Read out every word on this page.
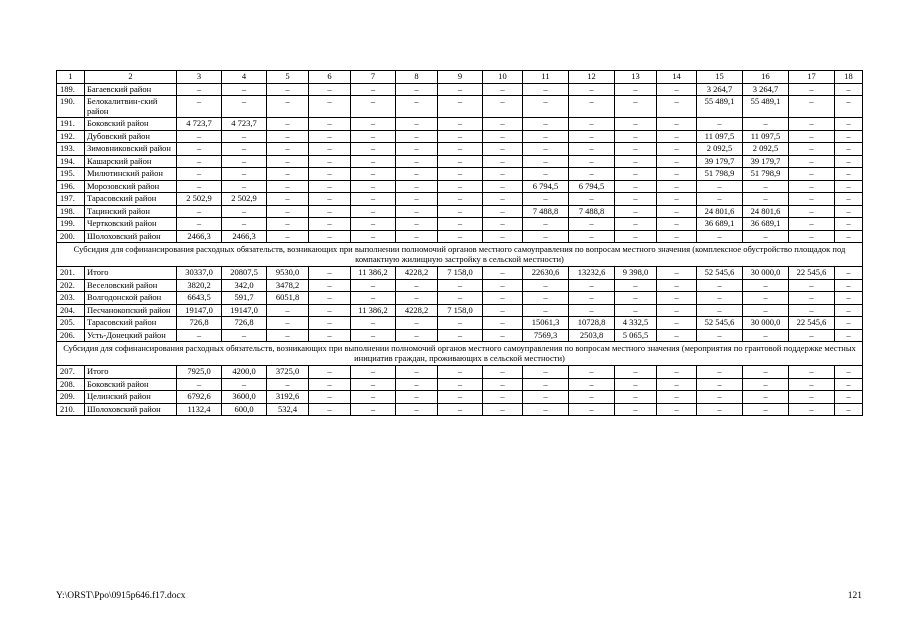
1	2	3	4	5	6	7	8	9	10	11	12	13	14	15	16	17	18
189.	Багаевский район	–	–	–	–	–	–	–	–	–	–	–	–	3 264,7	3 264,7	–	–
190.	Белокалитвин-ский район	–	–	–	–	–	–	–	–	–	–	–	–	55 489,1	55 489,1	–	–
191.	Боковский район	4 723,7	4 723,7	–	–	–	–	–	–	–	–	–	–	–	–	–	–
192.	Дубовский район	–	–	–	–	–	–	–	–	–	–	–	–	11 097,5	11 097,5	–	–
193.	Зимовниковский район	–	–	–	–	–	–	–	–	–	–	–	–	2 092,5	2 092,5	–	–
194.	Кашарский район	–	–	–	–	–	–	–	–	–	–	–	–	39 179,7	39 179,7	–	–
195.	Милютинский район	–	–	–	–	–	–	–	–	–	–	–	–	51 798,9	51 798,9	–	–
196.	Морозовский район	–	–	–	–	–	–	–	–	6 794,5	6 794,5	–	–	–	–	–	–
197.	Тарасовский район	2 502,9	2 502,9	–	–	–	–	–	–	–	–	–	–	–	–	–	–
198.	Тацинский район	–	–	–	–	–	–	–	–	7 488,8	7 488,8	–	–	24 801,6	24 801,6	–	–
199.	Чертковский район	–	–	–	–	–	–	–	–	–	–	–	–	36 689,1	36 689,1	–	–
200.	Шолоховский район	2466,3	2466,3	–	–	–	–	–	–	–	–	–	–	–	–	–	–
Субсидия для софинансирования расходных обязательств, возникающих при выполнении полномочий органов местного самоуправления по вопросам местного значения (комплексное обустройство площадок под компактную жилищную застройку в сельской местности)																	
201.	Итого	30337,0	20807,5	9530,0	–	11 386,2	4228,2	7 158,0	–	22630,6	13232,6	9 398,0	–	52 545,6	30 000,0	22 545,6	–
202.	Веселовский район	3820,2	342,0	3478,2	–	–	–	–	–	–	–	–	–	–	–	–	–
203.	Волгодонской район	6643,5	591,7	6051,8	–	–	–	–	–	–	–	–	–	–	–	–	–
204.	Песчанокопский район	19147,0	19147,0	–	–	11 386,2	4228,2	7 158,0	–	–	–	–	–	–	–	–	–
205.	Тарасовский район	726,8	726,8	–	–	–	–	–	–	15061,3	10728,8	4 332,5	–	52 545,6	30 000,0	22 545,6	–
206.	Усть-Донецкий район	–	–	–	–	–	–	–	–	7569,3	2503,8	5 065,5	–	–	–	–	–
Субсидия для софинансирования расходных обязательств, возникающих при выполнении полномочий органов местного самоуправления по вопросам местного значения (мероприятия по грантовой поддержке местных инициатив граждан, проживающих в сельской местности)																	
207.	Итого	7925,0	4200,0	3725,0	–	–	–	–	–	–	–	–	–	–	–	–	–
208.	Боковский район	–	–	–	–	–	–	–	–	–	–	–	–	–	–	–	–
209.	Целинский район	6792,6	3600,0	3192,6	–	–	–	–	–	–	–	–	–	–	–	–	–
210.	Шолоховский район	1132,4	600,0	532,4	–	–	–	–	–	–	–	–	–	–	–	–	–
Y:\ORST\Ppo\0915p646.f17.docx	121
